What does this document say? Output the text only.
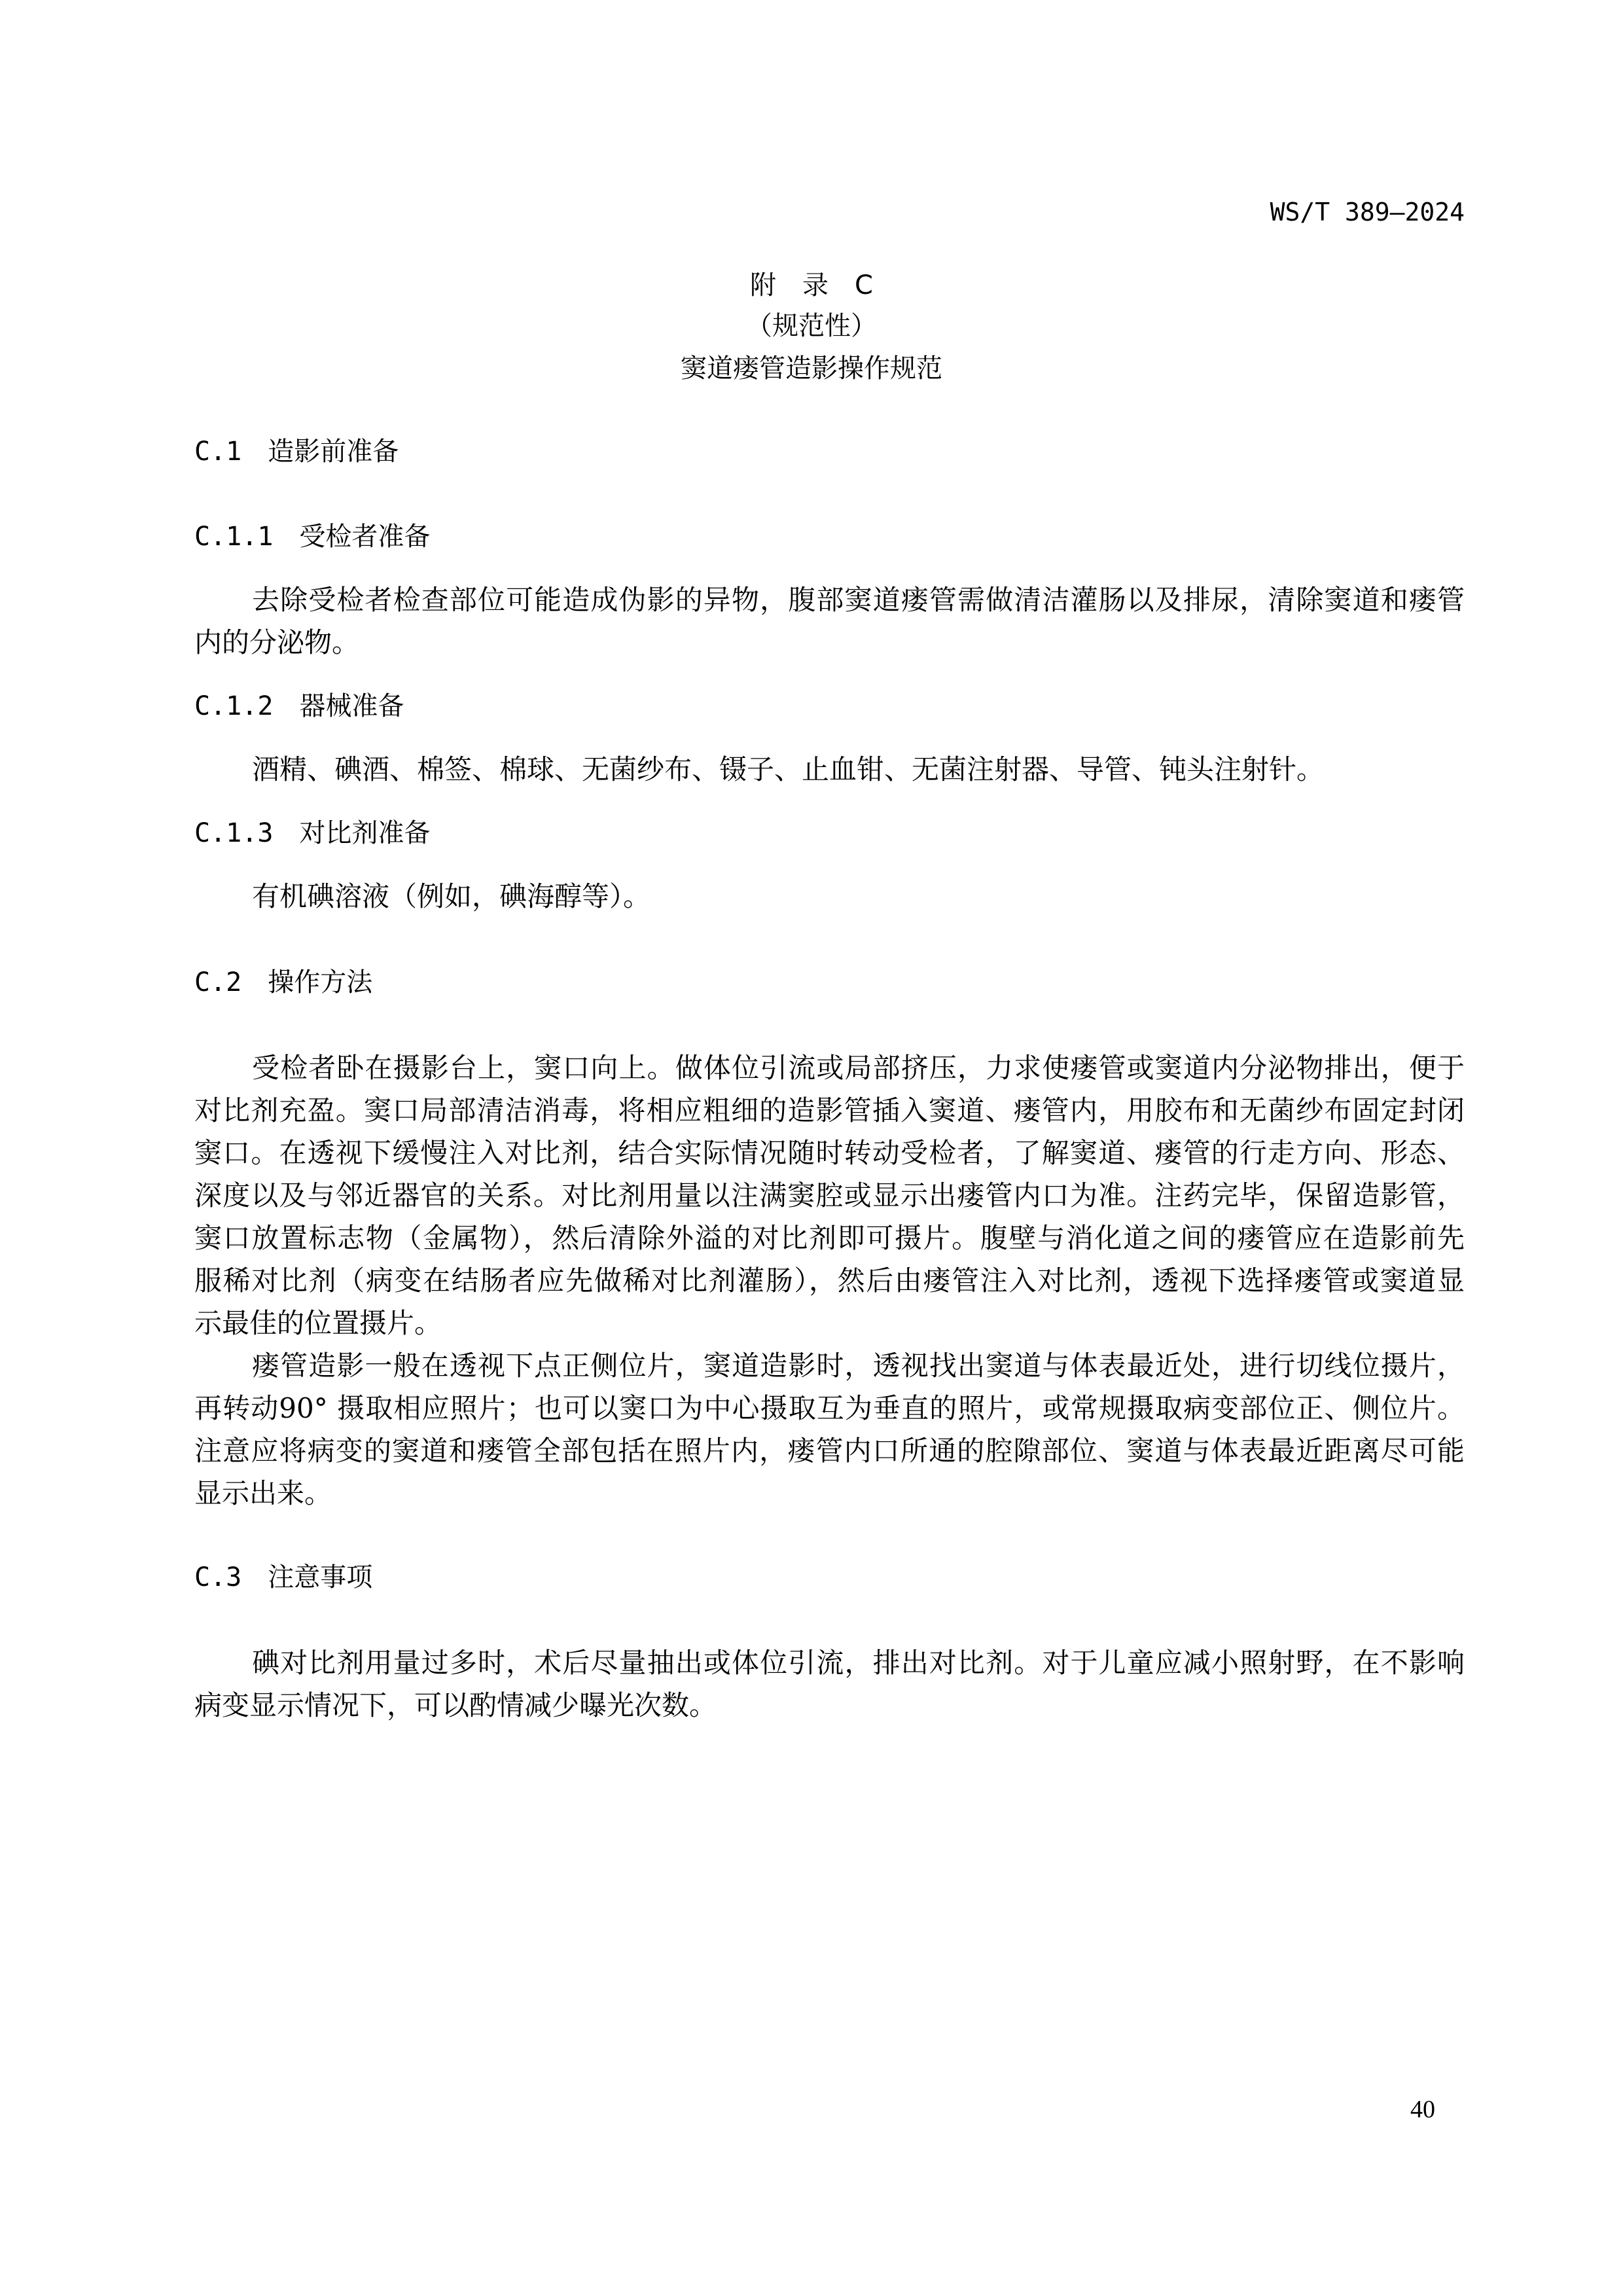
WS/T 389—2024
附　录　C
（规范性）
窦道瘘管造影操作规范
C.1 造影前准备
C.1.1 受检者准备
去除受检者检查部位可能造成伪影的异物，腹部窦道瘘管需做清洁灌肠以及排尿，清除窦道和瘘管
内的分泌物。
C.1.2 器械准备
酒精、碘酒、棉签、棉球、无菌纱布、镊子、止血钳、无菌注射器、导管、钝头注射针。
C.1.3 对比剂准备
有机碘溶液（例如，碘海醇等）。
C.2 操作方法
受检者卧在摄影台上，窦口向上。做体位引流或局部挤压，力求使瘘管或窦道内分泌物排出，便于
对比剂充盈。窦口局部清洁消毒，将相应粗细的造影管插入窦道、瘘管内，用胶布和无菌纱布固定封闭
窦口。在透视下缓慢注入对比剂，结合实际情况随时转动受检者，了解窦道、瘘管的行走方向、形态、
深度以及与邻近器官的关系。对比剂用量以注满窦腔或显示出瘘管内口为准。注药完毕，保留造影管，
窦口放置标志物（金属物），然后清除外溢的对比剂即可摄片。腹壁与消化道之间的瘘管应在造影前先
服稀对比剂（病变在结肠者应先做稀对比剂灌肠），然后由瘘管注入对比剂，透视下选择瘘管或窦道显
示最佳的位置摄片。
瘘管造影一般在透视下点正侧位片，窦道造影时，透视找出窦道与体表最近处，进行切线位摄片，
再转动90° 摄取相应照片；也可以窦口为中心摄取互为垂直的照片，或常规摄取病变部位正、侧位片。
注意应将病变的窦道和瘘管全部包括在照片内，瘘管内口所通的腔隙部位、窦道与体表最近距离尽可能
显示出来。
C.3 注意事项
碘对比剂用量过多时，术后尽量抽出或体位引流，排出对比剂。对于儿童应减小照射野，在不影响
病变显示情况下，可以酌情减少曝光次数。
40
